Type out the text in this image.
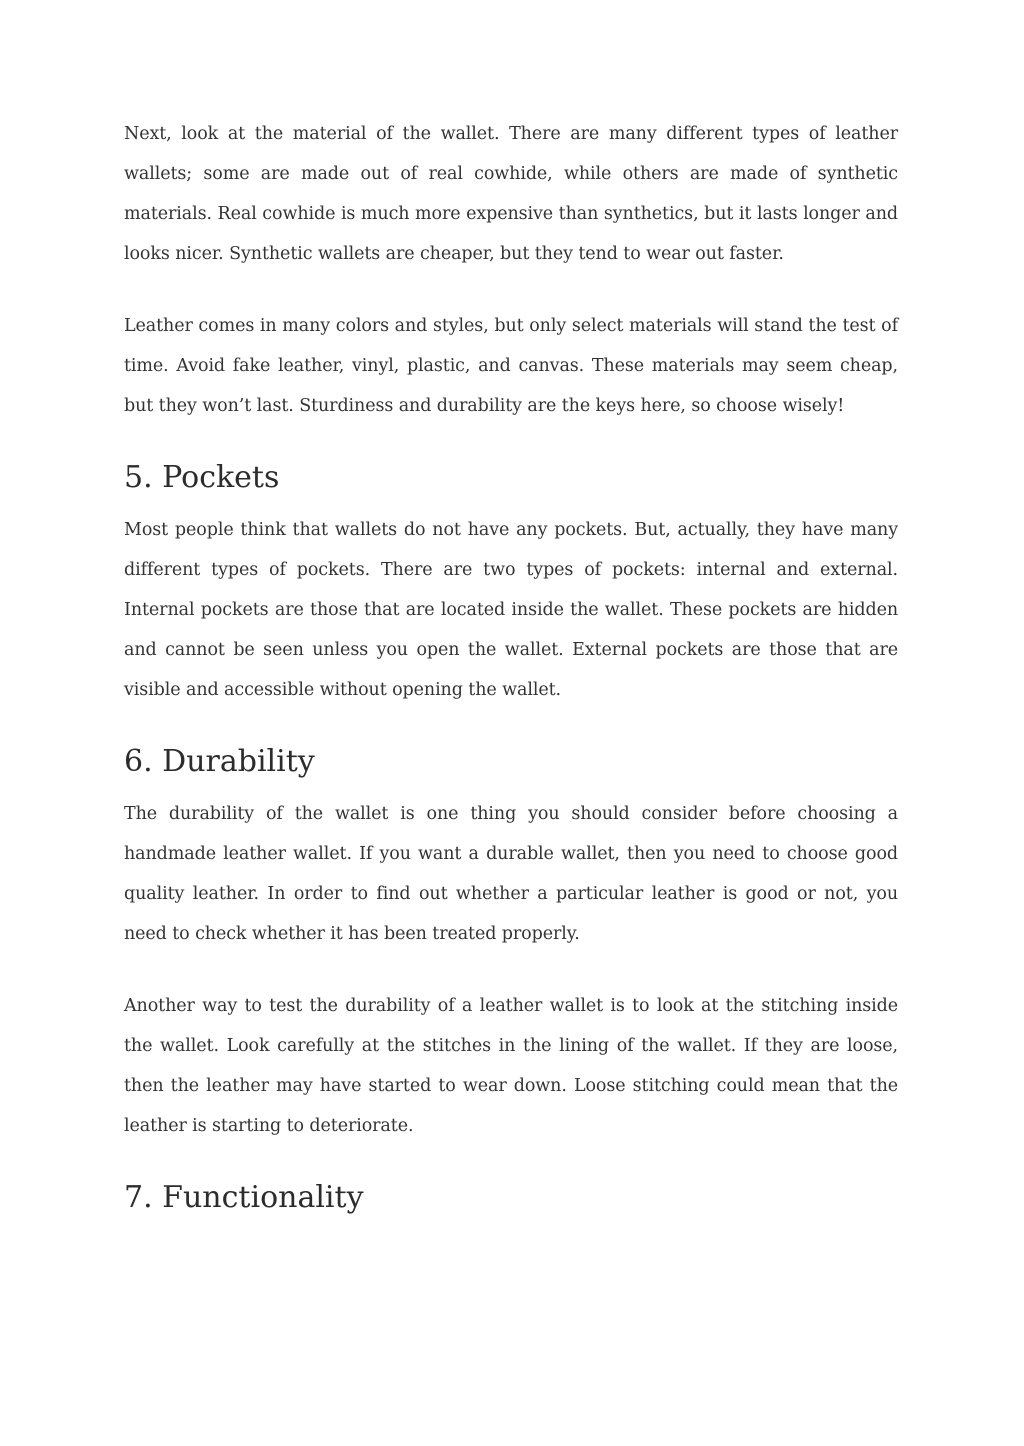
Next, look at the material of the wallet. There are many different types of leather wallets; some are made out of real cowhide, while others are made of synthetic materials. Real cowhide is much more expensive than synthetics, but it lasts longer and looks nicer. Synthetic wallets are cheaper, but they tend to wear out faster.

Leather comes in many colors and styles, but only select materials will stand the test of time. Avoid fake leather, vinyl, plastic, and canvas. These materials may seem cheap, but they won’t last. Sturdiness and durability are the keys here, so choose wisely!

5. Pockets

Most people think that wallets do not have any pockets. But, actually, they have many different types of pockets. There are two types of pockets: internal and external. Internal pockets are those that are located inside the wallet. These pockets are hidden and cannot be seen unless you open the wallet. External pockets are those that are visible and accessible without opening the wallet.

6. Durability

The durability of the wallet is one thing you should consider before choosing a handmade leather wallet. If you want a durable wallet, then you need to choose good quality leather. In order to find out whether a particular leather is good or not, you need to check whether it has been treated properly.

Another way to test the durability of a leather wallet is to look at the stitching inside the wallet. Look carefully at the stitches in the lining of the wallet. If they are loose, then the leather may have started to wear down. Loose stitching could mean that the leather is starting to deteriorate.

7. Functionality
